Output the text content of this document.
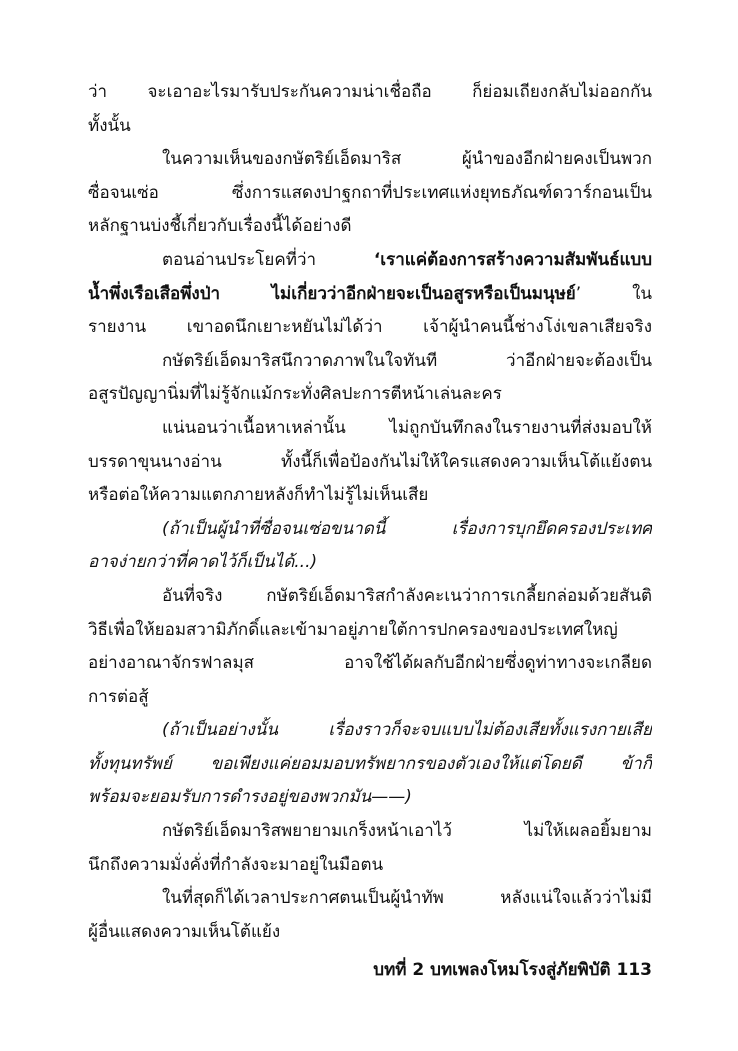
ว่า จะเอาอะไรมารับประกันความน่าเชื่อถือ ก็ย่อมเถียงกลับไม่ออกกัน
ทั้งนั้น
ในความเห็นของกษัตริย์เอ็ดมาริส ผู้นำของอีกฝ่ายคงเป็นพวก
ซื่อจนเซ่อ ซึ่งการแสดงปาฐกถาที่ประเทศแห่งยุทธภัณฑ์ดวาร์กอนเป็น
หลักฐานบ่งชี้เกี่ยวกับเรื่องนี้ได้อย่างดี
ตอนอ่านประโยคที่ว่า ‘เราแค่ต้องการสร้างความสัมพันธ์แบบ
น้ำพึ่งเรือเสือพึ่งป่า ไม่เกี่ยวว่าอีกฝ่ายจะเป็นอสูรหรือเป็นมนุษย์’ ใน
รายงาน เขาอดนึกเยาะหยันไม่ได้ว่า เจ้าผู้นำคนนี้ช่างโง่เขลาเสียจริง
กษัตริย์เอ็ดมาริสนึกวาดภาพในใจทันที ว่าอีกฝ่ายจะต้องเป็น
อสูรปัญญานิ่มที่ไม่รู้จักแม้กระทั่งศิลปะการตีหน้าเล่นละคร
แน่นอนว่าเนื้อหาเหล่านั้น ไม่ถูกบันทึกลงในรายงานที่ส่งมอบให้
บรรดาขุนนางอ่าน ทั้งนี้ก็เพื่อป้องกันไม่ให้ใครแสดงความเห็นโต้แย้งตน
หรือต่อให้ความแตกภายหลังก็ทำไม่รู้ไม่เห็นเสีย
(ถ้าเป็นผู้นำที่ซื่อจนเซ่อขนาดนี้ เรื่องการบุกยึดครองประเทศ
อาจง่ายกว่าที่คาดไว้ก็เป็นได้...)
อันที่จริง กษัตริย์เอ็ดมาริสกำลังคะเนว่าการเกลี้ยกล่อมด้วยสันติ
วิธีเพื่อให้ยอมสวามิภักดิ์และเข้ามาอยู่ภายใต้การปกครองของประเทศใหญ่
อย่างอาณาจักรฟาลมุส อาจใช้ได้ผลกับอีกฝ่ายซึ่งดูท่าทางจะเกลียด
การต่อสู้
(ถ้าเป็นอย่างนั้น เรื่องราวก็จะจบแบบไม่ต้องเสียทั้งแรงกายเสีย
ทั้งทุนทรัพย์ ขอเพียงแค่ยอมมอบทรัพยากรของตัวเองให้แต่โดยดี ข้าก็
พร้อมจะยอมรับการดำรงอยู่ของพวกมัน——)
กษัตริย์เอ็ดมาริสพยายามเกร็งหน้าเอาไว้ ไม่ให้เผลอยิ้มยาม
นึกถึงความมั่งคั่งที่กำลังจะมาอยู่ในมือตน
ในที่สุดก็ได้เวลาประกาศตนเป็นผู้นำทัพ หลังแน่ใจแล้วว่าไม่มี
ผู้อื่นแสดงความเห็นโต้แย้ง
บทที่ 2 บทเพลงโหมโรงสู่ภัยพิบัติ 113
